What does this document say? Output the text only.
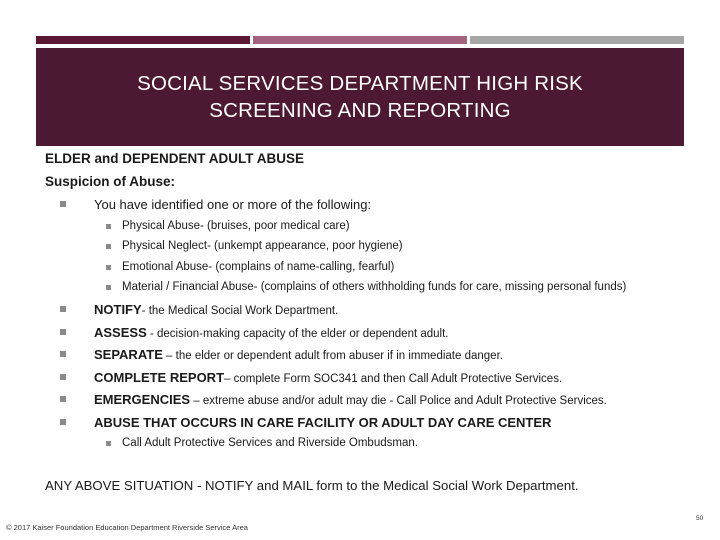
SOCIAL SERVICES DEPARTMENT HIGH RISK
SCREENING AND REPORTING
ELDER and DEPENDENT ADULT ABUSE
Suspicion of Abuse:
You have identified one or more of the following:
Physical Abuse- (bruises, poor medical care)
Physical Neglect- (unkempt appearance, poor hygiene)
Emotional Abuse- (complains of name-calling, fearful)
Material / Financial Abuse- (complains of others withholding funds for care, missing personal funds)
NOTIFY- the Medical Social Work Department.
ASSESS - decision-making capacity of the elder or dependent adult.
SEPARATE – the elder or dependent adult from abuser if in immediate danger.
COMPLETE REPORT– complete Form SOC341 and then Call Adult Protective Services.
EMERGENCIES – extreme abuse and/or adult may die - Call Police and Adult Protective Services.
ABUSE THAT OCCURS IN CARE FACILITY OR ADULT DAY CARE CENTER
Call Adult Protective Services and Riverside Ombudsman.
ANY ABOVE SITUATION - NOTIFY and MAIL form to the Medical Social Work Department.
© 2017 Kaiser Foundation Education Department Riverside Service Area
50
